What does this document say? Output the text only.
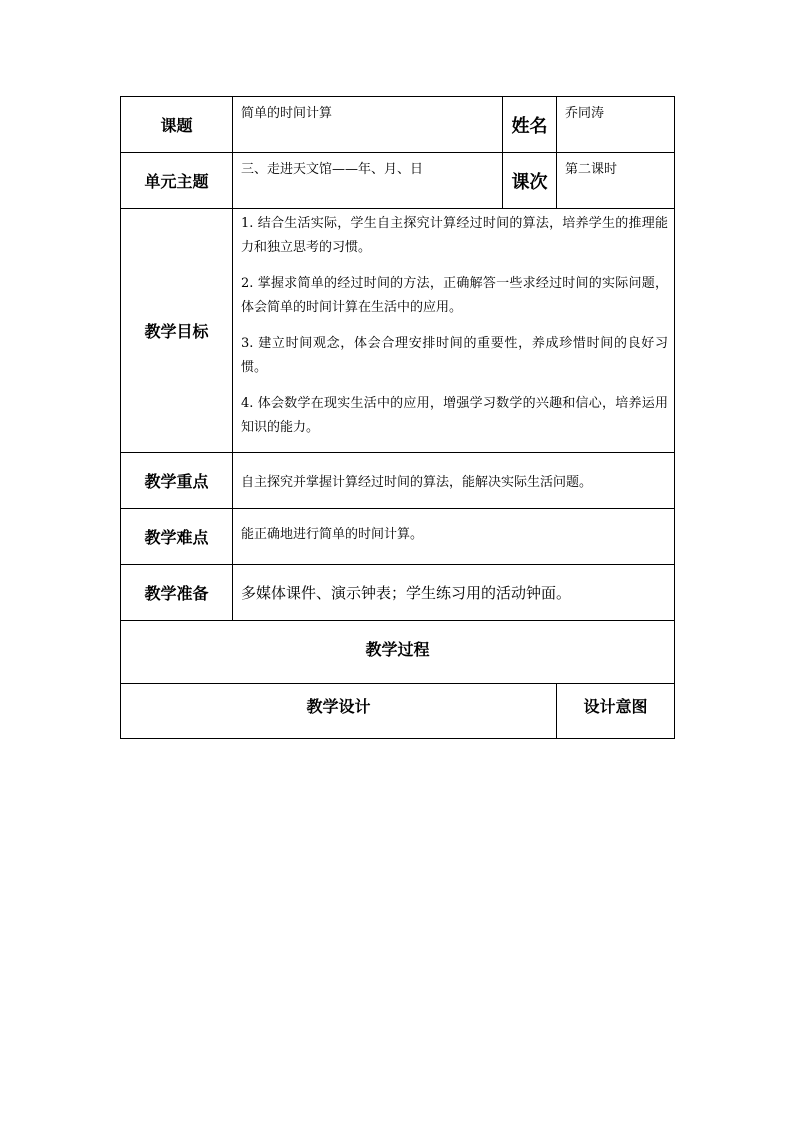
课题	简单的时间计算	姓名	乔同涛
单元主题	三、走进天文馆——年、月、日	课次	第二课时
教学目标	1. 结合生活实际，学生自主探究计算经过时间的算法，培养学生的推理能力和独立思考的习惯。
2. 掌握求简单的经过时间的方法，正确解答一些求经过时间的实际问题，体会简单的时间计算在生活中的应用。
3. 建立时间观念，体会合理安排时间的重要性，养成珍惜时间的良好习惯。
4. 体会数学在现实生活中的应用，增强学习数学的兴趣和信心，培养运用知识的能力。		

教学重点	自主探究并掌握计算经过时间的算法，能解决实际生活问题。		
教学难点	能正确地进行简单的时间计算。		
教学准备	多媒体课件、演示钟表；学生练习用的活动钟面。		
教学过程			
教学设计			设计意图
